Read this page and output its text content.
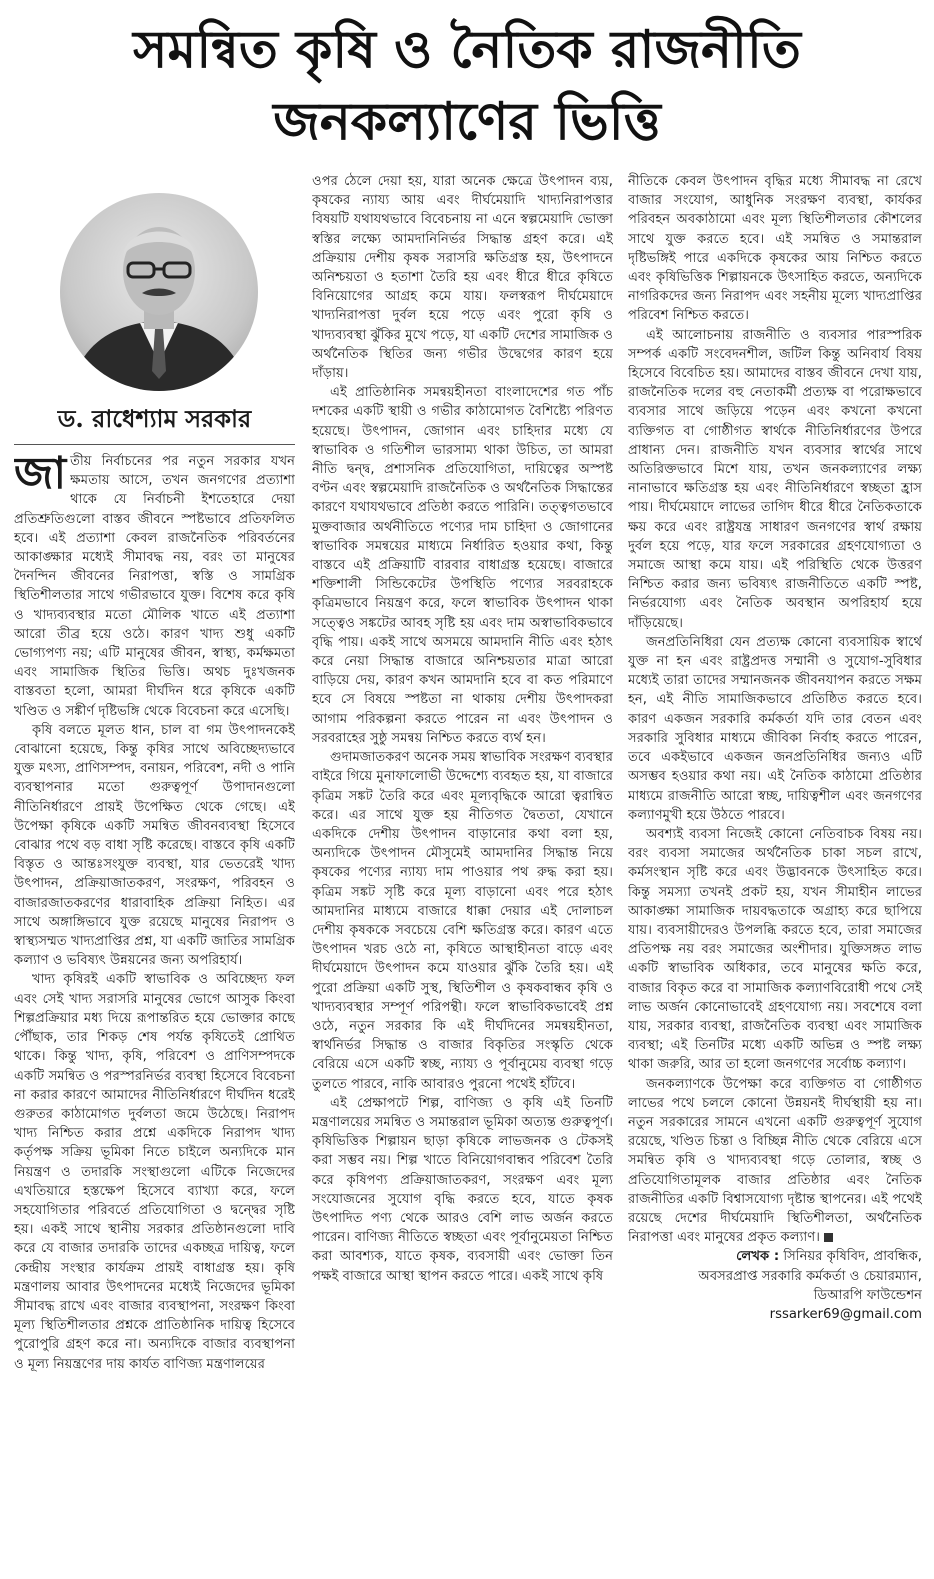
সমন্বিত কৃষি ও নৈতিক রাজনীতি
জনকল্যাণের ভিত্তি
ড. রাধেশ্যাম সরকার

জাতীয় নির্বাচনের পর নতুন সরকার যখন ক্ষমতায় আসে, তখন জনগণের প্রত্যাশা থাকে যে নির্বাচনী ইশতেহারে দেয়া প্রতিশ্রুতিগুলো বাস্তব জীবনে স্পষ্টভাবে প্রতিফলিত হবে। এই প্রত্যাশা কেবল রাজনৈতিক পরিবর্তনের আকাঙ্ক্ষার মধ্যেই সীমাবদ্ধ নয়, বরং তা মানুষের দৈনন্দিন জীবনের নিরাপত্তা, স্বস্তি ও সামগ্রিক স্থিতিশীলতার সাথে গভীরভাবে যুক্ত। বিশেষ করে কৃষি ও খাদ্যব্যবস্থার মতো মৌলিক খাতে এই প্রত্যাশা আরো তীব্র হয়ে ওঠে। কারণ খাদ্য শুধু একটি ভোগ্যপণ্য নয়; এটি মানুষের জীবন, স্বাস্থ্য, কর্মক্ষমতা এবং সামাজিক স্থিতির ভিত্তি। অথচ দুঃখজনক বাস্তবতা হলো, আমরা দীর্ঘদিন ধরে কৃষিকে একটি খণ্ডিত ও সঙ্কীর্ণ দৃষ্টিভঙ্গি থেকে বিবেচনা করে এসেছি।

কৃষি বলতে মূলত ধান, চাল বা গম উৎপাদনকেই বোঝানো হয়েছে, কিন্তু কৃষির সাথে অবিচ্ছেদ্যভাবে যুক্ত মৎস্য, প্রাণিসম্পদ, বনায়ন, পরিবেশ, নদী ও পানি ব্যবস্থাপনার মতো গুরুত্বপূর্ণ উপাদানগুলো নীতিনির্ধারণে প্রায়ই উপেক্ষিত থেকে গেছে। এই উপেক্ষা কৃষিকে একটি সমন্বিত জীবনব্যবস্থা হিসেবে বোঝার পথে বড় বাধা সৃষ্টি করেছে। বাস্তবে কৃষি একটি বিস্তৃত ও আন্তঃসংযুক্ত ব্যবস্থা, যার ভেতরেই খাদ্য উৎপাদন, প্রক্রিয়াজাতকরণ, সংরক্ষণ, পরিবহন ও বাজারজাতকরণের ধারাবাহিক প্রক্রিয়া নিহিত। এর সাথে অঙ্গাঙ্গিভাবে যুক্ত রয়েছে মানুষের নিরাপদ ও স্বাস্থ্যসম্মত খাদ্যপ্রাপ্তির প্রশ্ন, যা একটি জাতির সামগ্রিক কল্যাণ ও ভবিষ্যৎ উন্নয়নের জন্য অপরিহার্য।

খাদ্য কৃষিরই একটি স্বাভাবিক ও অবিচ্ছেদ্য ফল এবং সেই খাদ্য সরাসরি মানুষের ভোগে আসুক কিংবা শিল্পপ্রক্রিয়ার মধ্য দিয়ে রূপান্তরিত হয়ে ভোক্তার কাছে পৌঁছাক, তার শিকড় শেষ পর্যন্ত কৃষিতেই প্রোথিত থাকে। কিন্তু খাদ্য, কৃষি, পরিবেশ ও প্রাণিসম্পদকে একটি সমন্বিত ও পরস্পরনির্ভর ব্যবস্থা হিসেবে বিবেচনা না করার কারণে আমাদের নীতিনির্ধারণে দীর্ঘদিন ধরেই গুরুতর কাঠামোগত দুর্বলতা জমে উঠেছে। নিরাপদ খাদ্য নিশ্চিত করার প্রশ্নে একদিকে নিরাপদ খাদ্য কর্তৃপক্ষ সক্রিয় ভূমিকা নিতে চাইলে অন্যদিকে মান নিয়ন্ত্রণ ও তদারকি সংস্থাগুলো এটিকে নিজেদের এখতিয়ারে হস্তক্ষেপ হিসেবে ব্যাখ্যা করে, ফলে সহযোগিতার পরিবর্তে প্রতিযোগিতা ও দ্বন্দ্বের সৃষ্টি হয়। একই সাথে স্থানীয় সরকার প্রতিষ্ঠানগুলো দাবি করে যে বাজার তদারকি তাদের একচ্ছত্র দায়িত্ব, ফলে কেন্দ্রীয় সংস্থার কার্যক্রম প্রায়ই বাধাগ্রস্ত হয়। কৃষি মন্ত্রণালয় আবার উৎপাদনের মধ্যেই নিজেদের ভূমিকা সীমাবদ্ধ রাখে এবং বাজার ব্যবস্থাপনা, সংরক্ষণ কিংবা মূল্য স্থিতিশীলতার প্রশ্নকে প্রাতিষ্ঠানিক দায়িত্ব হিসেবে পুরোপুরি গ্রহণ করে না। অন্যদিকে বাজার ব্যবস্থাপনা ও মূল্য নিয়ন্ত্রণের দায় কার্যত বাণিজ্য মন্ত্রণালয়ের

ওপর ঠেলে দেয়া হয়, যারা অনেক ক্ষেত্রে উৎপাদন ব্যয়, কৃষকের ন্যায্য আয় এবং দীর্ঘমেয়াদি খাদ্যনিরাপত্তার বিষয়টি যথাযথভাবে বিবেচনায় না এনে স্বল্পমেয়াদি ভোক্তা স্বস্তির লক্ষ্যে আমদানিনির্ভর সিদ্ধান্ত গ্রহণ করে। এই প্রক্রিয়ায় দেশীয় কৃষক সরাসরি ক্ষতিগ্রস্ত হয়, উৎপাদনে অনিশ্চয়তা ও হতাশা তৈরি হয় এবং ধীরে ধীরে কৃষিতে বিনিয়োগের আগ্রহ কমে যায়। ফলস্বরূপ দীর্ঘমেয়াদে খাদ্যনিরাপত্তা দুর্বল হয়ে পড়ে এবং পুরো কৃষি ও খাদ্যব্যবস্থা ঝুঁকির মুখে পড়ে, যা একটি দেশের সামাজিক ও অর্থনৈতিক স্থিতির জন্য গভীর উদ্বেগের কারণ হয়ে দাঁড়ায়।

এই প্রাতিষ্ঠানিক সমন্বয়হীনতা বাংলাদেশের গত পাঁচ দশকের একটি স্থায়ী ও গভীর কাঠামোগত বৈশিষ্ট্যে পরিণত হয়েছে। উৎপাদন, জোগান এবং চাহিদার মধ্যে যে স্বাভাবিক ও গতিশীল ভারসাম্য থাকা উচিত, তা আমরা নীতি দ্বন্দ্ব, প্রশাসনিক প্রতিযোগিতা, দায়িত্বের অস্পষ্ট বণ্টন এবং স্বল্পমেয়াদি রাজনৈতিক ও অর্থনৈতিক সিদ্ধান্তের কারণে যথাযথভাবে প্রতিষ্ঠা করতে পারিনি। তত্ত্বগতভাবে মুক্তবাজার অর্থনীতিতে পণ্যের দাম চাহিদা ও জোগানের স্বাভাবিক সমন্বয়ের মাধ্যমে নির্ধারিত হওয়ার কথা, কিন্তু বাস্তবে এই প্রক্রিয়াটি বারবার বাধাগ্রস্ত হয়েছে। বাজারে শক্তিশালী সিন্ডিকেটের উপস্থিতি পণ্যের সরবরাহকে কৃত্রিমভাবে নিয়ন্ত্রণ করে, ফলে স্বাভাবিক উৎপাদন থাকা সত্ত্বেও সঙ্কটের আবহ সৃষ্টি হয় এবং দাম অস্বাভাবিকভাবে বৃদ্ধি পায়। একই সাথে অসময়ে আমদানি নীতি এবং হঠাৎ করে নেয়া সিদ্ধান্ত বাজারে অনিশ্চয়তার মাত্রা আরো বাড়িয়ে দেয়, কারণ কখন আমদানি হবে বা কত পরিমাণে হবে সে বিষয়ে স্পষ্টতা না থাকায় দেশীয় উৎপাদকরা আগাম পরিকল্পনা করতে পারেন না এবং উৎপাদন ও সরবরাহের সুষ্ঠু সমন্বয় নিশ্চিত করতে ব্যর্থ হন।

গুদামজাতকরণ অনেক সময় স্বাভাবিক সংরক্ষণ ব্যবস্থার বাইরে গিয়ে মুনাফালোভী উদ্দেশ্যে ব্যবহৃত হয়, যা বাজারে কৃত্রিম সঙ্কট তৈরি করে এবং মূল্যবৃদ্ধিকে আরো ত্বরান্বিত করে। এর সাথে যুক্ত হয় নীতিগত দ্বৈততা, যেখানে একদিকে দেশীয় উৎপাদন বাড়ানোর কথা বলা হয়, অন্যদিকে উৎপাদন মৌসুমেই আমদানির সিদ্ধান্ত নিয়ে কৃষকের পণ্যের ন্যায্য দাম পাওয়ার পথ রুদ্ধ করা হয়। কৃত্রিম সঙ্কট সৃষ্টি করে মূল্য বাড়ানো এবং পরে হঠাৎ আমদানির মাধ্যমে বাজারে ধাক্কা দেয়ার এই দোলাচল দেশীয় কৃষককে সবচেয়ে বেশি ক্ষতিগ্রস্ত করে। কারণ এতে উৎপাদন খরচ ওঠে না, কৃষিতে আস্থাহীনতা বাড়ে এবং দীর্ঘমেয়াদে উৎপাদন কমে যাওয়ার ঝুঁকি তৈরি হয়। এই পুরো প্রক্রিয়া একটি সুস্থ, স্থিতিশীল ও কৃষকবান্ধব কৃষি ও খাদ্যব্যবস্থার সম্পূর্ণ পরিপন্থী। ফলে স্বাভাবিকভাবেই প্রশ্ন ওঠে, নতুন সরকার কি এই দীর্ঘদিনের সমন্বয়হীনতা, স্বার্থনির্ভর সিদ্ধান্ত ও বাজার বিকৃতির সংস্কৃতি থেকে বেরিয়ে এসে একটি স্বচ্ছ, ন্যায্য ও পূর্বানুমেয় ব্যবস্থা গড়ে তুলতে পারবে, নাকি আবারও পুরনো পথেই হাঁটবে।

এই প্রেক্ষাপটে শিল্প, বাণিজ্য ও কৃষি এই তিনটি মন্ত্রণালয়ের সমন্বিত ও সমান্তরাল ভূমিকা অত্যন্ত গুরুত্বপূর্ণ। কৃষিভিত্তিক শিল্পায়ন ছাড়া কৃষিকে লাভজনক ও টেকসই করা সম্ভব নয়। শিল্প খাতে বিনিয়োগবান্ধব পরিবেশ তৈরি করে কৃষিপণ্য প্রক্রিয়াজাতকরণ, সংরক্ষণ এবং মূল্য সংযোজনের সুযোগ বৃদ্ধি করতে হবে, যাতে কৃষক উৎপাদিত পণ্য থেকে আরও বেশি লাভ অর্জন করতে পারেন। বাণিজ্য নীতিতে স্বচ্ছতা এবং পূর্বানুমেয়তা নিশ্চিত করা আবশ্যক, যাতে কৃষক, ব্যবসায়ী এবং ভোক্তা তিন পক্ষই বাজারে আস্থা স্থাপন করতে পারে। একই সাথে কৃষি

নীতিকে কেবল উৎপাদন বৃদ্ধির মধ্যে সীমাবদ্ধ না রেখে বাজার সংযোগ, আধুনিক সংরক্ষণ ব্যবস্থা, কার্যকর পরিবহন অবকাঠামো এবং মূল্য স্থিতিশীলতার কৌশলের সাথে যুক্ত করতে হবে। এই সমন্বিত ও সমান্তরাল দৃষ্টিভঙ্গিই পারে একদিকে কৃষকের আয় নিশ্চিত করতে এবং কৃষিভিত্তিক শিল্পায়নকে উৎসাহিত করতে, অন্যদিকে নাগরিকদের জন্য নিরাপদ এবং সহনীয় মূল্যে খাদ্যপ্রাপ্তির পরিবেশ নিশ্চিত করতে।

এই আলোচনায় রাজনীতি ও ব্যবসার পারস্পরিক সম্পর্ক একটি সংবেদনশীল, জটিল কিন্তু অনিবার্য বিষয় হিসেবে বিবেচিত হয়। আমাদের বাস্তব জীবনে দেখা যায়, রাজনৈতিক দলের বহু নেতাকর্মী প্রত্যক্ষ বা পরোক্ষভাবে ব্যবসার সাথে জড়িয়ে পড়েন এবং কখনো কখনো ব্যক্তিগত বা গোষ্ঠীগত স্বার্থকে নীতিনির্ধারণের উপরে প্রাধান্য দেন। রাজনীতি যখন ব্যবসার স্বার্থের সাথে অতিরিক্তভাবে মিশে যায়, তখন জনকল্যাণের লক্ষ্য নানাভাবে ক্ষতিগ্রস্ত হয় এবং নীতিনির্ধারণে স্বচ্ছতা হ্রাস পায়। দীর্ঘমেয়াদে লাভের তাগিদ ধীরে ধীরে নৈতিকতাকে ক্ষয় করে এবং রাষ্ট্রযন্ত্র সাধারণ জনগণের স্বার্থ রক্ষায় দুর্বল হয়ে পড়ে, যার ফলে সরকারের গ্রহণযোগ্যতা ও সমাজে আস্থা কমে যায়। এই পরিস্থিতি থেকে উত্তরণ নিশ্চিত করার জন্য ভবিষ্যৎ রাজনীতিতে একটি স্পষ্ট, নির্ভরযোগ্য এবং নৈতিক অবস্থান অপরিহার্য হয়ে দাঁড়িয়েছে।

জনপ্রতিনিধিরা যেন প্রত্যক্ষ কোনো ব্যবসায়িক স্বার্থে যুক্ত না হন এবং রাষ্ট্রপ্রদত্ত সম্মানী ও সুযোগ-সুবিধার মধ্যেই তারা তাদের সম্মানজনক জীবনযাপন করতে সক্ষম হন, এই নীতি সামাজিকভাবে প্রতিষ্ঠিত করতে হবে। কারণ একজন সরকারি কর্মকর্তা যদি তার বেতন এবং সরকারি সুবিধার মাধ্যমে জীবিকা নির্বাহ করতে পারেন, তবে একইভাবে একজন জনপ্রতিনিধির জন্যও এটি অসম্ভব হওয়ার কথা নয়। এই নৈতিক কাঠামো প্রতিষ্ঠার মাধ্যমে রাজনীতি আরো স্বচ্ছ, দায়িত্বশীল এবং জনগণের কল্যাণমুখী হয়ে উঠতে পারবে।

অবশ্যই ব্যবসা নিজেই কোনো নেতিবাচক বিষয় নয়। বরং ব্যবসা সমাজের অর্থনৈতিক চাকা সচল রাখে, কর্মসংস্থান সৃষ্টি করে এবং উদ্ভাবনকে উৎসাহিত করে। কিন্তু সমস্যা তখনই প্রকট হয়, যখন সীমাহীন লাভের আকাঙ্ক্ষা সামাজিক দায়বদ্ধতাকে অগ্রাহ্য করে ছাপিয়ে যায়। ব্যবসায়ীদেরও উপলব্ধি করতে হবে, তারা সমাজের প্রতিপক্ষ নয় বরং সমাজের অংশীদার। যুক্তিসঙ্গত লাভ একটি স্বাভাবিক অধিকার, তবে মানুষের ক্ষতি করে, বাজার বিকৃত করে বা সামাজিক কল্যাণবিরোধী পথে সেই লাভ অর্জন কোনোভাবেই গ্রহণযোগ্য নয়। সবশেষে বলা যায়, সরকার ব্যবস্থা, রাজনৈতিক ব্যবস্থা এবং সামাজিক ব্যবস্থা; এই তিনটির মধ্যে একটি অভিন্ন ও স্পষ্ট লক্ষ্য থাকা জরুরি, আর তা হলো জনগণের সর্বোচ্চ কল্যাণ।

জনকল্যাণকে উপেক্ষা করে ব্যক্তিগত বা গোষ্ঠীগত লাভের পথে চললে কোনো উন্নয়নই দীর্ঘস্থায়ী হয় না। নতুন সরকারের সামনে এখনো একটি গুরুত্বপূর্ণ সুযোগ রয়েছে, খণ্ডিত চিন্তা ও বিচ্ছিন্ন নীতি থেকে বেরিয়ে এসে সমন্বিত কৃষি ও খাদ্যব্যবস্থা গড়ে তোলার, স্বচ্ছ ও প্রতিযোগিতামূলক বাজার প্রতিষ্ঠার এবং নৈতিক রাজনীতির একটি বিশ্বাসযোগ্য দৃষ্টান্ত স্থাপনের। এই পথেই রয়েছে দেশের দীর্ঘমেয়াদি স্থিতিশীলতা, অর্থনৈতিক নিরাপত্তা এবং মানুষের প্রকৃত কল্যাণ।

লেখক : সিনিয়র কৃষিবিদ, প্রাবন্ধিক,

অবসরপ্রাপ্ত সরকারি কর্মকর্তা ও চেয়ারম্যান,

ডিআরপি ফাউন্ডেশন

rssarker69@gmail.com
